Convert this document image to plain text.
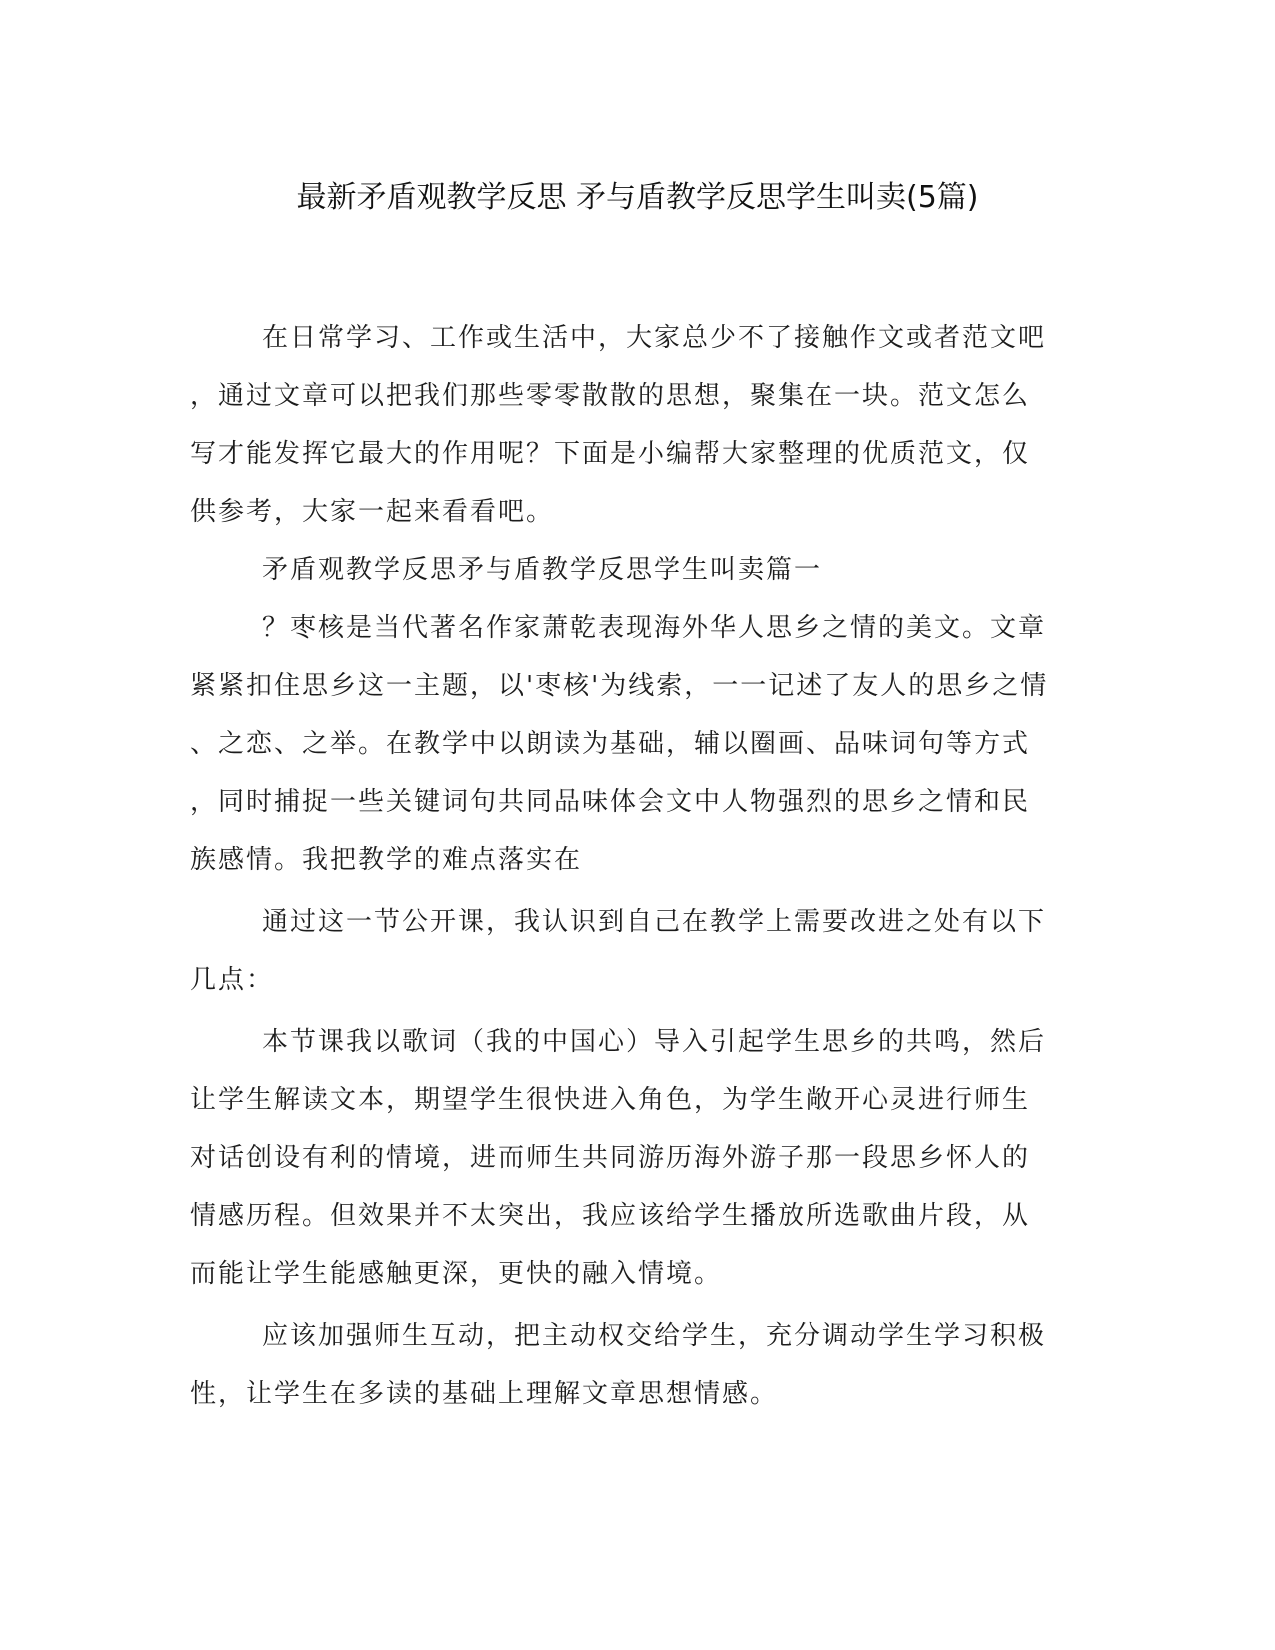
最新矛盾观教学反思 矛与盾教学反思学生叫卖(5篇)
在日常学习、工作或生活中，大家总少不了接触作文或者范文吧
，通过文章可以把我们那些零零散散的思想，聚集在一块。范文怎么
写才能发挥它最大的作用呢？下面是小编帮大家整理的优质范文，仅
供参考，大家一起来看看吧。
矛盾观教学反思矛与盾教学反思学生叫卖篇一
？枣核是当代著名作家萧乾表现海外华人思乡之情的美文。文章
紧紧扣住思乡这一主题，以'枣核'为线索，一一记述了友人的思乡之情
、之恋、之举。在教学中以朗读为基础，辅以圈画、品味词句等方式
，同时捕捉一些关键词句共同品味体会文中人物强烈的思乡之情和民
族感情。我把教学的难点落实在
通过这一节公开课，我认识到自己在教学上需要改进之处有以下
几点：
本节课我以歌词（我的中国心）导入引起学生思乡的共鸣，然后
让学生解读文本，期望学生很快进入角色，为学生敞开心灵进行师生
对话创设有利的情境，进而师生共同游历海外游子那一段思乡怀人的
情感历程。但效果并不太突出，我应该给学生播放所选歌曲片段，从
而能让学生能感触更深，更快的融入情境。
应该加强师生互动，把主动权交给学生，充分调动学生学习积极
性，让学生在多读的基础上理解文章思想情感。
